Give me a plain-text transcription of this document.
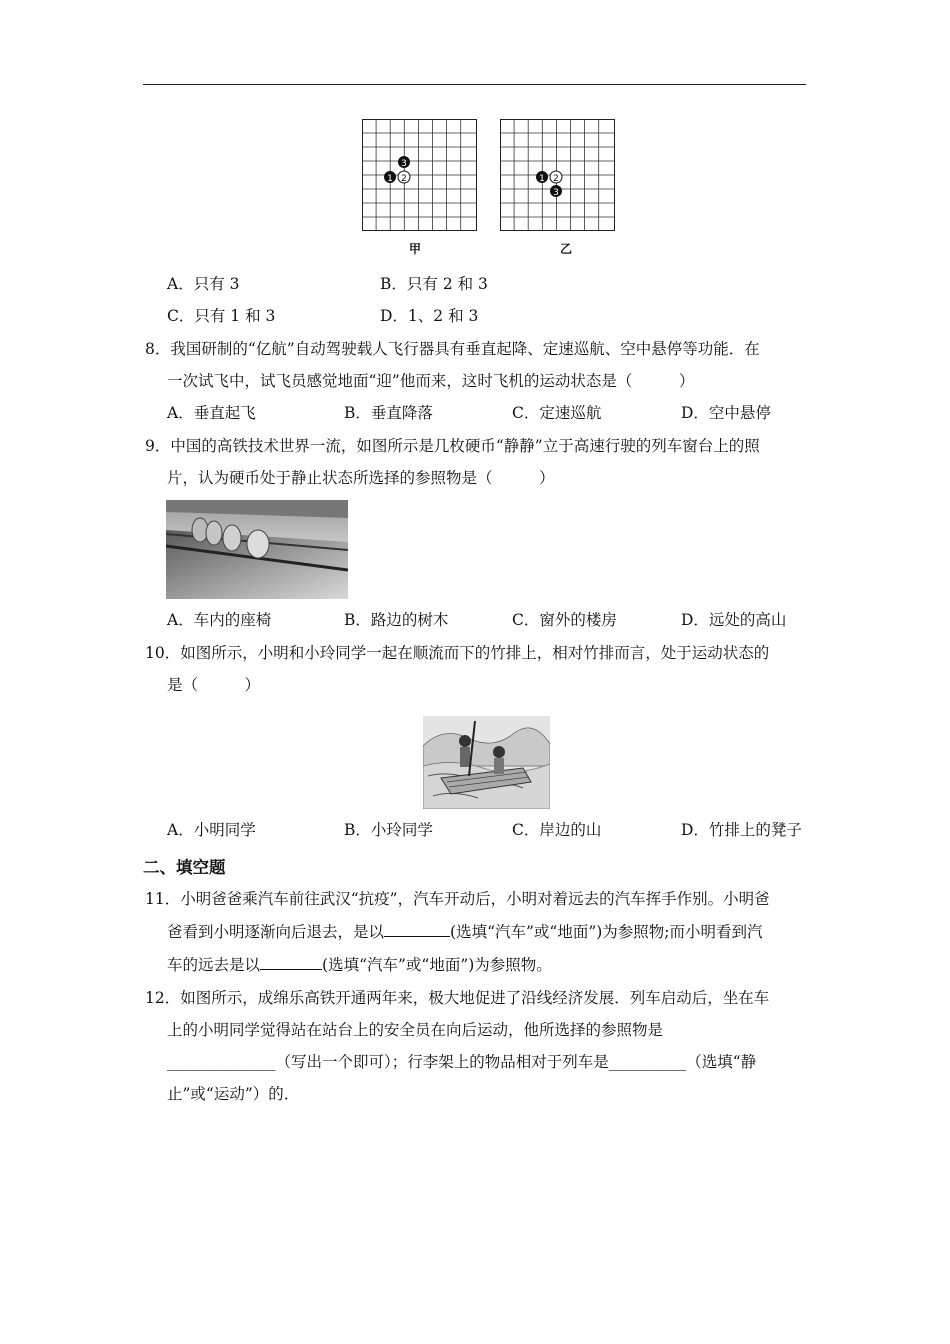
3
1 2
甲
1 2
3
乙
A．只有 3	B．只有 2 和 3
C．只有 1 和 3	D．1、2 和 3
8．我国研制的“亿航”自动驾驶载人飞行器具有垂直起降、定速巡航、空中悬停等功能．在
一次试飞中，试飞员感觉地面“迎”他而来，这时飞机的运动状态是（　　　）
A．垂直起飞	B．垂直降落	C．定速巡航	D．空中悬停
9．中国的高铁技术世界一流，如图所示是几枚硬币“静静”立于高速行驶的列车窗台上的照
片，认为硬币处于静止状态所选择的参照物是（　　　）
A．车内的座椅	B．路边的树木	C．窗外的楼房	D．远处的高山
10．如图所示，小明和小玲同学一起在顺流而下的竹排上，相对竹排而言，处于运动状态的
是（　　　）
A．小明同学	B．小玲同学	C．岸边的山	D．竹排上的凳子
二、填空题
11．小明爸爸乘汽车前往武汉“抗疫”，汽车开动后，小明对着远去的汽车挥手作别。小明爸
爸看到小明逐渐向后退去，是以	(选填“汽车”或“地面”)为参照物;而小明看到汽
车的远去是以	(选填“汽车”或“地面”)为参照物。
12．如图所示，成绵乐高铁开通两年来，极大地促进了沿线经济发展．列车启动后，坐在车
上的小明同学觉得站在站台上的安全员在向后运动，他所选择的参照物是
______________（写出一个即可）；行李架上的物品相对于列车是__________（选填“静
止”或“运动”）的．
